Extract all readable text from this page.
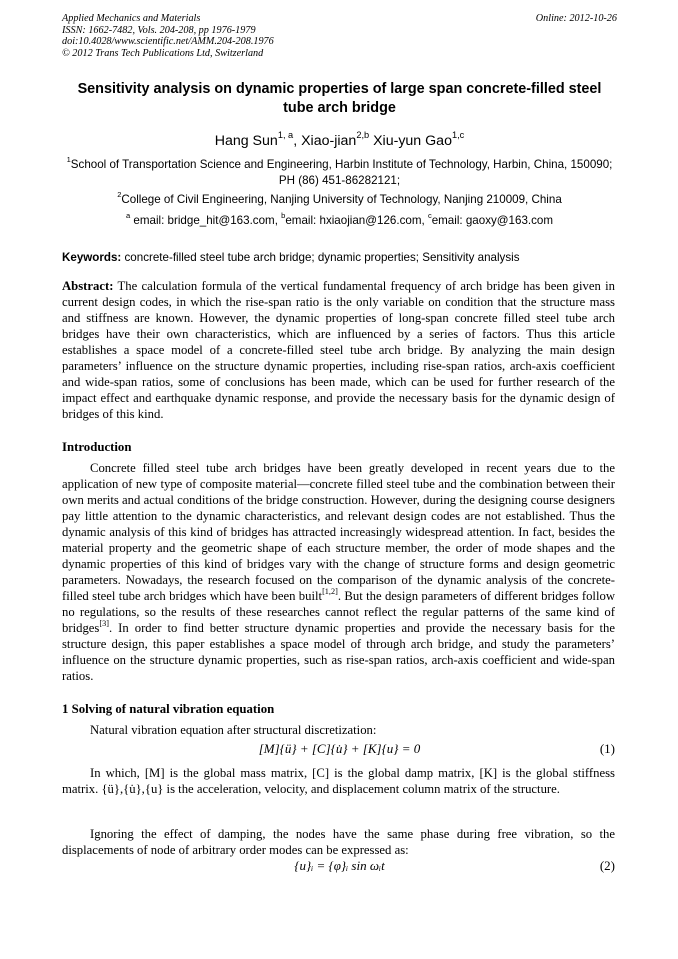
Applied Mechanics and Materials
ISSN: 1662-7482, Vols. 204-208, pp 1976-1979
doi:10.4028/www.scientific.net/AMM.204-208.1976
© 2012 Trans Tech Publications Ltd, Switzerland
Online: 2012-10-26
Sensitivity analysis on dynamic properties of large span concrete-filled steel tube arch bridge
Hang Sun$^{1, a}$, Xiao-jian$^{2,b}$ Xiu-yun Gao$^{1,c}$
$^1$School of Transportation Science and Engineering, Harbin Institute of Technology, Harbin, China, 150090; PH (86) 451-86282121;
$^2$College of Civil Engineering, Nanjing University of Technology, Nanjing 210009, China
$^a$ email: bridge_hit@163.com, $^b$email: hxiaojian@126.com, $^c$email: gaoxy@163.com
Keywords: concrete-filled steel tube arch bridge; dynamic properties; Sensitivity analysis
Abstract: The calculation formula of the vertical fundamental frequency of arch bridge has been given in current design codes, in which the rise-span ratio is the only variable on condition that the structure mass and stiffness are known. However, the dynamic properties of long-span concrete filled steel tube arch bridges have their own characteristics, which are influenced by a series of factors. Thus this article establishes a space model of a concrete-filled steel tube arch bridge. By analyzing the main design parameters’ influence on the structure dynamic properties, including rise-span ratios, arch-axis coefficient and wide-span ratios, some of conclusions has been made, which can be used for further research of the impact effect and earthquake dynamic response, and provide the necessary basis for the dynamic design of bridges of this kind.
Introduction
Concrete filled steel tube arch bridges have been greatly developed in recent years due to the application of new type of composite material—concrete filled steel tube and the combination between their own merits and actual conditions of the bridge construction. However, during the designing course designers pay little attention to the dynamic characteristics, and relevant design codes are not established. Thus the dynamic analysis of this kind of bridges has attracted increasingly widespread attention. In fact, besides the material property and the geometric shape of each structure member, the order of mode shapes and the dynamic properties of this kind of bridges vary with the change of structure forms and design geometric parameters. Nowadays, the research focused on the comparison of the dynamic analysis of the concrete-filled steel tube arch bridges which have been built[1,2]. But the design parameters of different bridges follow no regulations, so the results of these researches cannot reflect the regular patterns of the same kind of bridges[3]. In order to find better structure dynamic properties and provide the necessary basis for the structure design, this paper establishes a space model of through arch bridge, and study the parameters’ influence on the structure dynamic properties, such as rise-span ratios, arch-axis coefficient and wide-span ratios.
1 Solving of natural vibration equation
Natural vibration equation after structural discretization:
[M]{ü} + [C]{u̇} + [K]{u} = 0	(1)
In which, [M] is the global mass matrix, [C] is the global damp matrix, [K] is the global stiffness matrix. {ü},{u̇},{u} is the acceleration, velocity, and displacement column matrix of the structure.
Ignoring the effect of damping, the nodes have the same phase during free vibration, so the displacements of node of arbitrary order modes can be expressed as:
{u}ᵢ = {φ}ᵢ sin ωᵢt	(2)
